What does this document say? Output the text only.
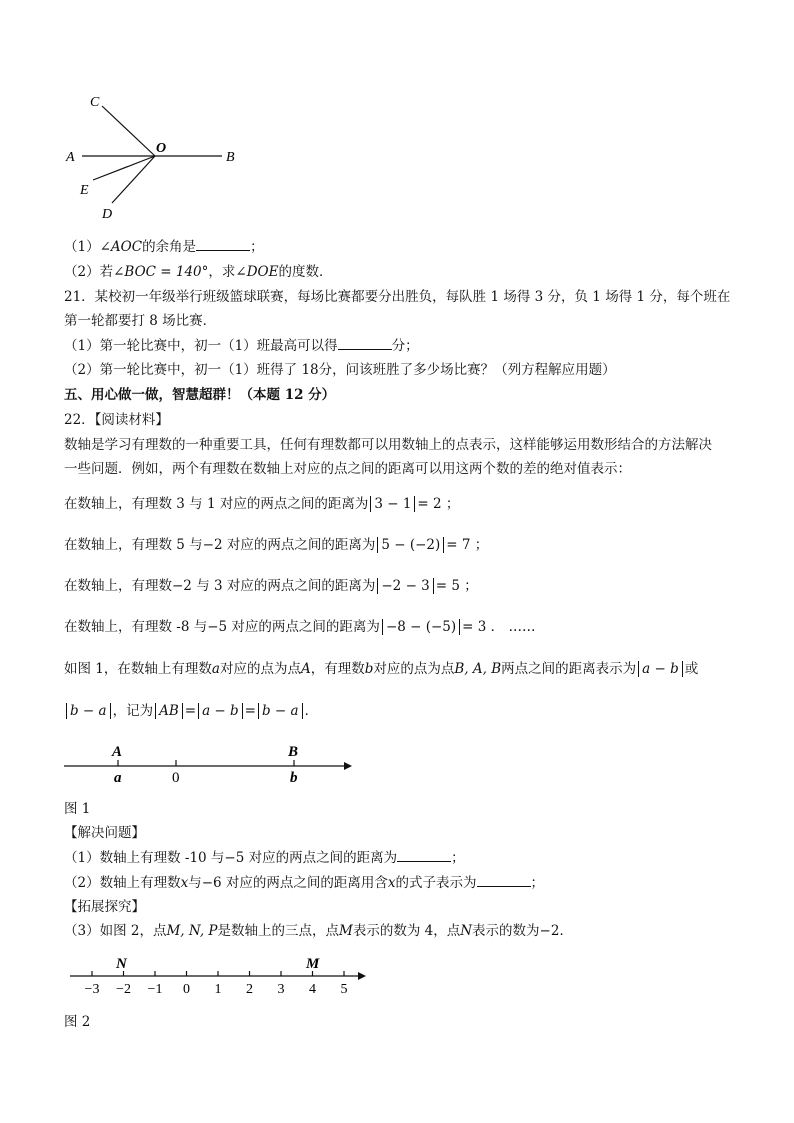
C
O
A	B
E
D
（1）∠AOC的余角是	；
（2）若∠BOC = 140°，求∠DOE的度数．
21．某校初一年级举行班级篮球联赛，每场比赛都要分出胜负，每队胜 1 场得 3 分，负 1 场得 1 分，每个班在
第一轮都要打 8 场比赛．
（1）第一轮比赛中，初一（1）班最高可以得	分；
（2）第一轮比赛中，初一（1）班得了 18分，问该班胜了多少场比赛？（列方程解应用题）
五、用心做一做，智慧超群！（本题 12 分）
22．【阅读材料】
数轴是学习有理数的一种重要工具，任何有理数都可以用数轴上的点表示，这样能够运用数形结合的方法解决
一些问题．例如，两个有理数在数轴上对应的点之间的距离可以用这两个数的差的绝对值表示：
在数轴上，有理数 3 与 1 对应的两点之间的距离为 3 − 1 = 2 ；
在数轴上，有理数 5 与−2 对应的两点之间的距离为 5 − (−2) = 7 ；
在数轴上，有理数−2 与 3 对应的两点之间的距离为 −2 − 3 = 5 ；
在数轴上，有理数 -8 与−5 对应的两点之间的距离为 −8 − (−5) = 3 ． ……
如图 1，在数轴上有理数a对应的点为点A，有理数b对应的点为点B, A, B两点之间的距离表示为 a − b 或
b − a ，记为 AB = a − b = b − a ．
A	B
a	0	b
图 1
【解决问题】
（1）数轴上有理数 -10 与−5 对应的两点之间的距离为	；
（2）数轴上有理数x与−6 对应的两点之间的距离用含x的式子表示为	；
【拓展探究】
（3）如图 2，点M, N, P是数轴上的三点，点M表示的数为 4，点N表示的数为−2．
−3 −2 −1 0 1 2 3 4 5
N	M
图 2
